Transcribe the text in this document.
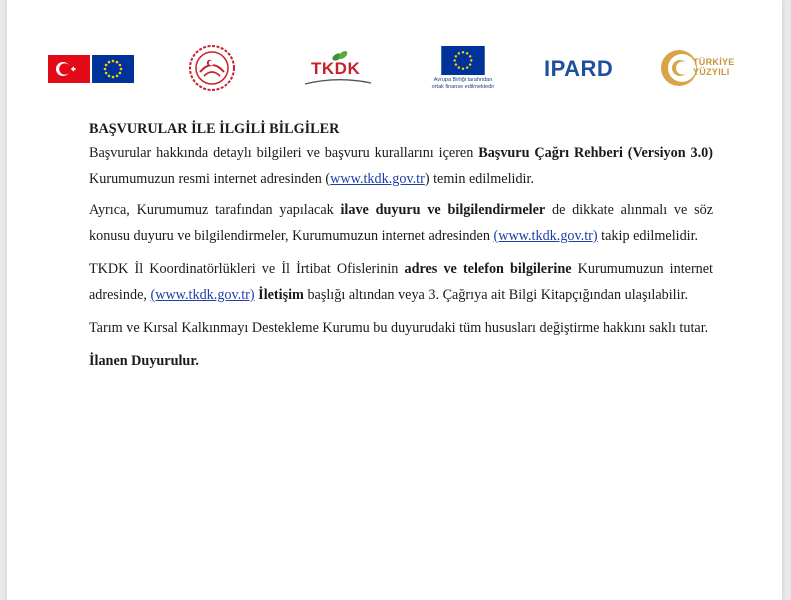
TKDK
Avrupa Birliği tarafından
ortak finanse edilmektedir
IPARD	TÜRKİYE
YÜZYILI
BAŞVURULAR İLE İLGİLİ BİLGİLER

Başvurular hakkında detaylı bilgileri ve başvuru kurallarını içeren Başvuru Çağrı Rehberi (Versiyon 3.0) Kurumumuzun resmi internet adresinden (www.tkdk.gov.tr) temin edilmelidir.

Ayrıca, Kurumumuz tarafından yapılacak ilave duyuru ve bilgilendirmeler de dikkate alınmalı ve söz konusu duyuru ve bilgilendirmeler, Kurumumuzun internet adresinden (www.tkdk.gov.tr) takip edilmelidir.

TKDK İl Koordinatörlükleri ve İl İrtibat Ofislerinin adres ve telefon bilgilerine Kurumumuzun internet adresinde, (www.tkdk.gov.tr) İletişim başlığı altından veya 3. Çağrıya ait Bilgi Kitapçığından ulaşılabilir.

Tarım ve Kırsal Kalkınmayı Destekleme Kurumu bu duyurudaki tüm hususları değiştirme hakkını saklı tutar.

İlanen Duyurulur.
